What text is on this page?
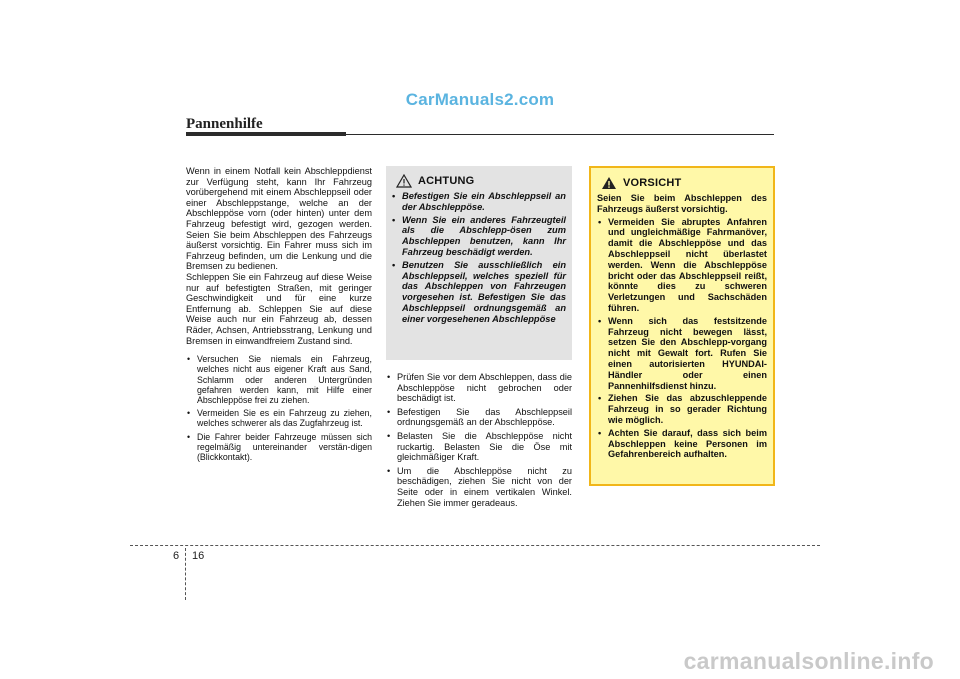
CarManuals2.com
Pannenhilfe

Wenn in einem Notfall kein Abschleppdienst zur Verfügung steht, kann Ihr Fahrzeug vorübergehend mit einem Abschleppseil oder einer Abschleppstange, welche an der Abschleppöse vorn (oder hinten) unter dem Fahrzeug befestigt wird, gezogen werden. Seien Sie beim Abschleppen des Fahrzeugs äußerst vorsichtig. Ein Fahrer muss sich im Fahrzeug befinden, um die Lenkung und die Bremsen zu bedienen.

Schleppen Sie ein Fahrzeug auf diese Weise nur auf befestigten Straßen, mit geringer Geschwindigkeit und für eine kurze Entfernung ab. Schleppen Sie auf diese Weise auch nur ein Fahrzeug ab, dessen Räder, Achsen, Antriebsstrang, Lenkung und Bremsen in einwandfreiem Zustand sind.

• Versuchen Sie niemals ein Fahrzeug, welches nicht aus eigener Kraft aus Sand, Schlamm oder anderen Untergründen gefahren werden kann, mit Hilfe einer Abschleppöse frei zu ziehen.
• Vermeiden Sie es ein Fahrzeug zu ziehen, welches schwerer als das Zugfahrzeug ist.
• Die Fahrer beider Fahrzeuge müssen sich regelmäßig untereinander verstän-digen (Blickkontakt).
ACHTUNG
• Befestigen Sie ein Abschleppseil an der Abschleppöse.
• Wenn Sie ein anderes Fahrzeugteil als die Abschlepp-ösen zum Abschleppen benutzen, kann Ihr Fahrzeug beschädigt werden.
• Benutzen Sie ausschließlich ein Abschleppseil, welches speziell für das Abschleppen von Fahrzeugen vorgesehen ist. Befestigen Sie das Abschleppseil ordnungsgemäß an einer vorgesehenen Abschleppöse
• Prüfen Sie vor dem Abschleppen, dass die Abschleppöse nicht gebrochen oder beschädigt ist.
• Befestigen Sie das Abschleppseil ordnungsgemäß an der Abschleppöse.
• Belasten Sie die Abschleppöse nicht ruckartig. Belasten Sie die Öse mit gleichmäßiger Kraft.
• Um die Abschleppöse nicht zu beschädigen, ziehen Sie nicht von der Seite oder in einem vertikalen Winkel. Ziehen Sie immer geradeaus.
VORSICHT

Seien Sie beim Abschleppen des Fahrzeugs äußerst vorsichtig.

• Vermeiden Sie abruptes Anfahren und ungleichmäßige Fahrmanöver, damit die Abschleppöse und das Abschleppseil nicht überlastet werden. Wenn die Abschleppöse bricht oder das Abschleppseil reißt, könnte dies zu schweren Verletzungen und Sachschäden führen.
• Wenn sich das festsitzende Fahrzeug nicht bewegen lässt, setzen Sie den Abschlepp-vorgang nicht mit Gewalt fort. Rufen Sie einen autorisierten HYUNDAI-Händler oder einen Pannenhilfsdienst hinzu.
• Ziehen Sie das abzuschleppende Fahrzeug in so gerader Richtung wie möglich.
• Achten Sie darauf, dass sich beim Abschleppen keine Personen im Gefahrenbereich aufhalten.
6 16
carmanualsonline.info
